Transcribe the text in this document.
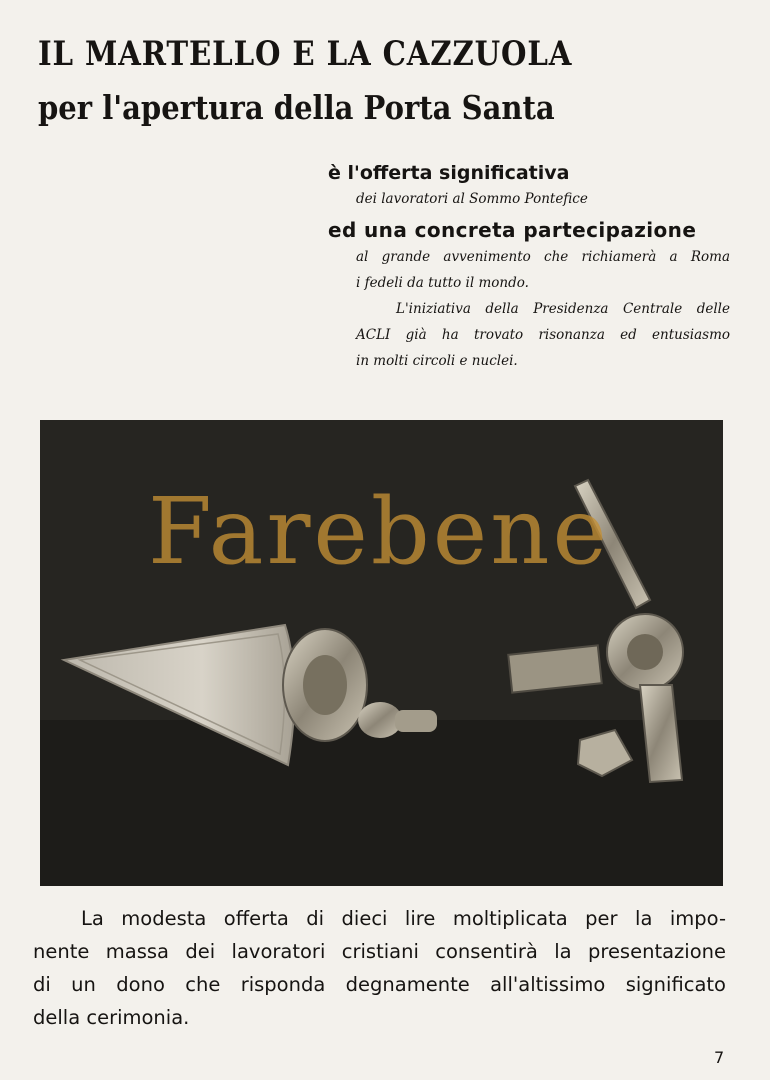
IL MARTELLO E LA CAZZUOLA
per l'apertura della Porta Santa
è l'offerta significativa
dei lavoratori al Sommo Pontefice
ed una concreta partecipazione
al grande avvenimento che richiamerà a Roma
i fedeli da tutto il mondo.
L'iniziativa della Presidenza Centrale delle
ACLI già ha trovato risonanza ed entusiasmo
in molti circoli e nuclei.
Farebene
La modesta offerta di dieci lire moltiplicata per la impo-
nente massa dei lavoratori cristiani consentirà la presentazione
di un dono che risponda degnamente all'altissimo significato
della cerimonia.
7
